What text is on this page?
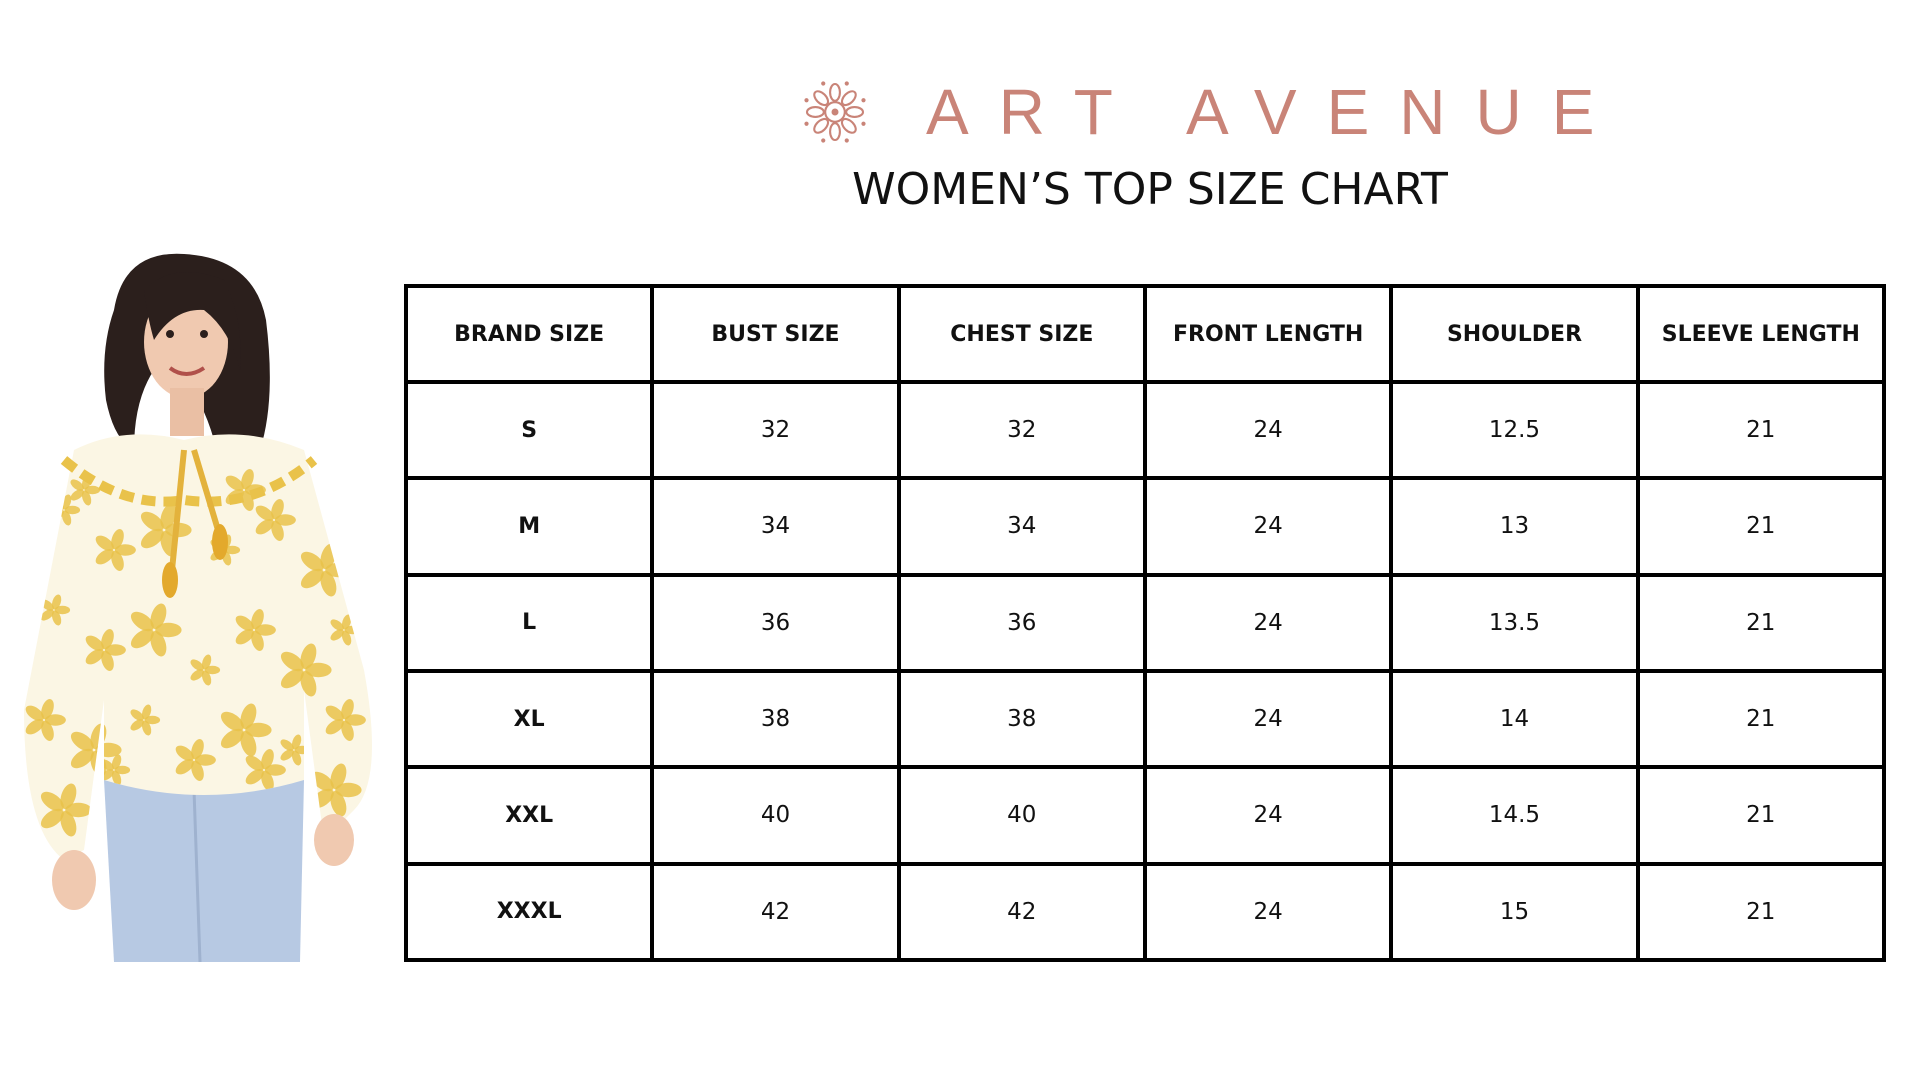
ART AVENUE
WOMEN’S TOP SIZE CHART
BRAND SIZE	BUST SIZE	CHEST SIZE	FRONT LENGTH	SHOULDER	SLEEVE LENGTH
S	32	32	24	12.5	21
M	34	34	24	13	21
L	36	36	24	13.5	21
XL	38	38	24	14	21
XXL	40	40	24	14.5	21
XXXL	42	42	24	15	21
